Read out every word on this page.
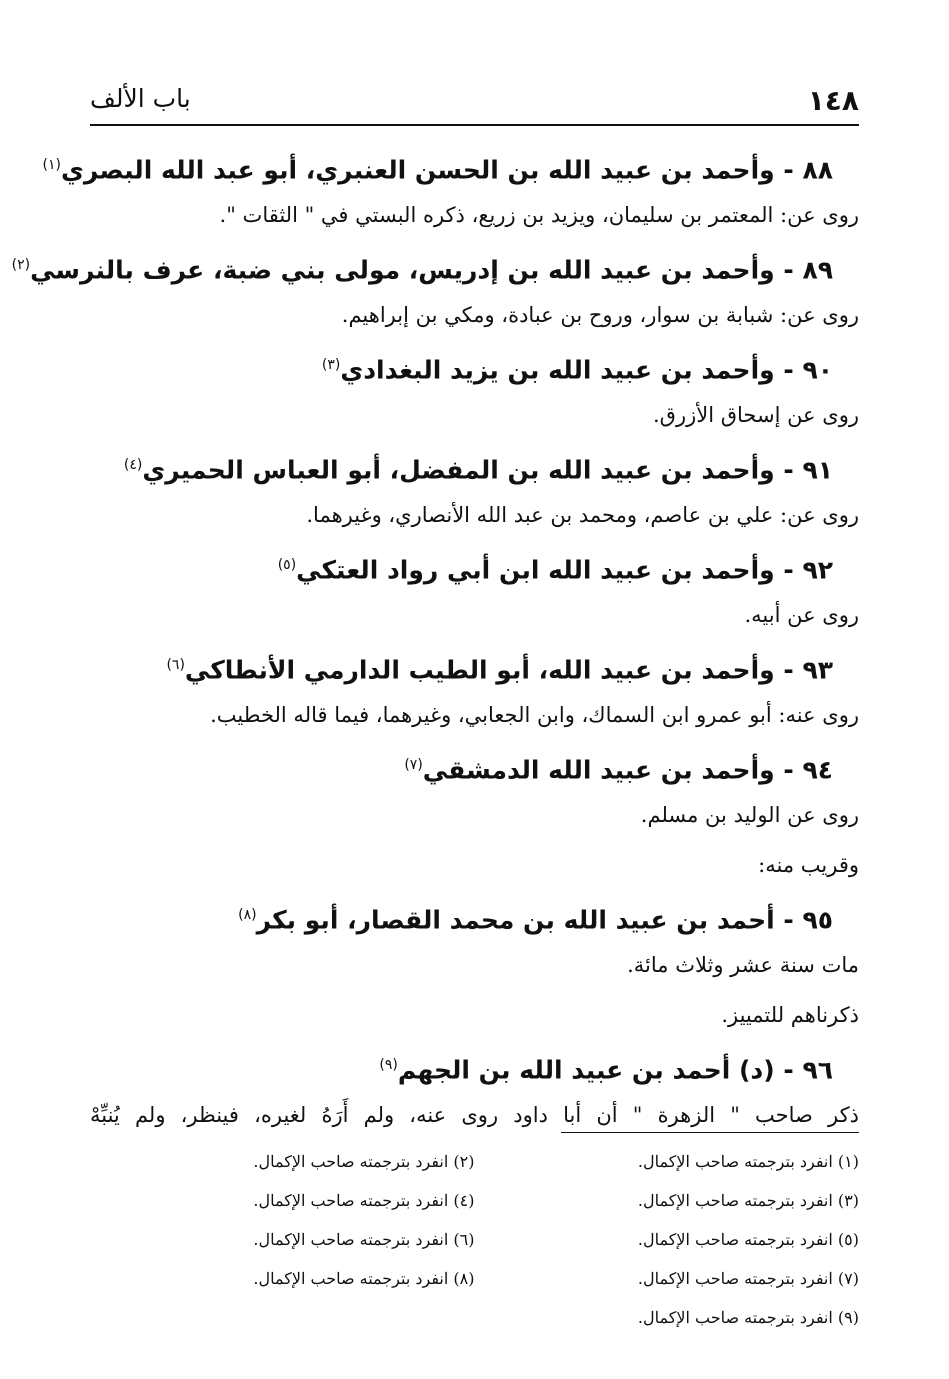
١٤٨
باب الألف
٨٨ - وأحمد بن عبيد الله بن الحسن العنبري، أبو عبد الله البصري$^{(١)}$
روى عن: المعتمر بن سليمان، ويزيد بن زريع، ذكره البستي في " الثقات ".
٨٩ - وأحمد بن عبيد الله بن إدريس، مولى بني ضبة، عرف بالنرسي$^{(٢)}$
روى عن: شبابة بن سوار، وروح بن عبادة، ومكي بن إبراهيم.
٩٠ - وأحمد بن عبيد الله بن يزيد البغدادي$^{(٣)}$
روى عن إسحاق الأزرق.
٩١ - وأحمد بن عبيد الله بن المفضل، أبو العباس الحميري$^{(٤)}$
روى عن: علي بن عاصم، ومحمد بن عبد الله الأنصاري، وغيرهما.
٩٢ - وأحمد بن عبيد الله ابن أبي رواد العتكي$^{(٥)}$
روى عن أبيه.
٩٣ - وأحمد بن عبيد الله، أبو الطيب الدارمي الأنطاكي$^{(٦)}$
روى عنه: أبو عمرو ابن السماك، وابن الجعابي، وغيرهما، فيما قاله الخطيب.
٩٤ - وأحمد بن عبيد الله الدمشقي$^{(٧)}$
روى عن الوليد بن مسلم.
وقريب منه:
٩٥ - أحمد بن عبيد الله بن محمد القصار، أبو بكر$^{(٨)}$
مات سنة عشر وثلاث مائة.
ذكرناهم للتمييز.
٩٦ - (د) أحمد بن عبيد الله بن الجهم$^{(٩)}$
ذكر صاحب " الزهرة " أن أبا داود روى عنه، ولم أَرَهُ لغيره، فينظر، ولم يُنبِّهْ
(١) انفرد بترجمته صاحب الإكمال.
(٣) انفرد بترجمته صاحب الإكمال.
(٥) انفرد بترجمته صاحب الإكمال.
(٧) انفرد بترجمته صاحب الإكمال.
(٩) انفرد بترجمته صاحب الإكمال.
(٢) انفرد بترجمته صاحب الإكمال.
(٤) انفرد بترجمته صاحب الإكمال.
(٦) انفرد بترجمته صاحب الإكمال.
(٨) انفرد بترجمته صاحب الإكمال.
